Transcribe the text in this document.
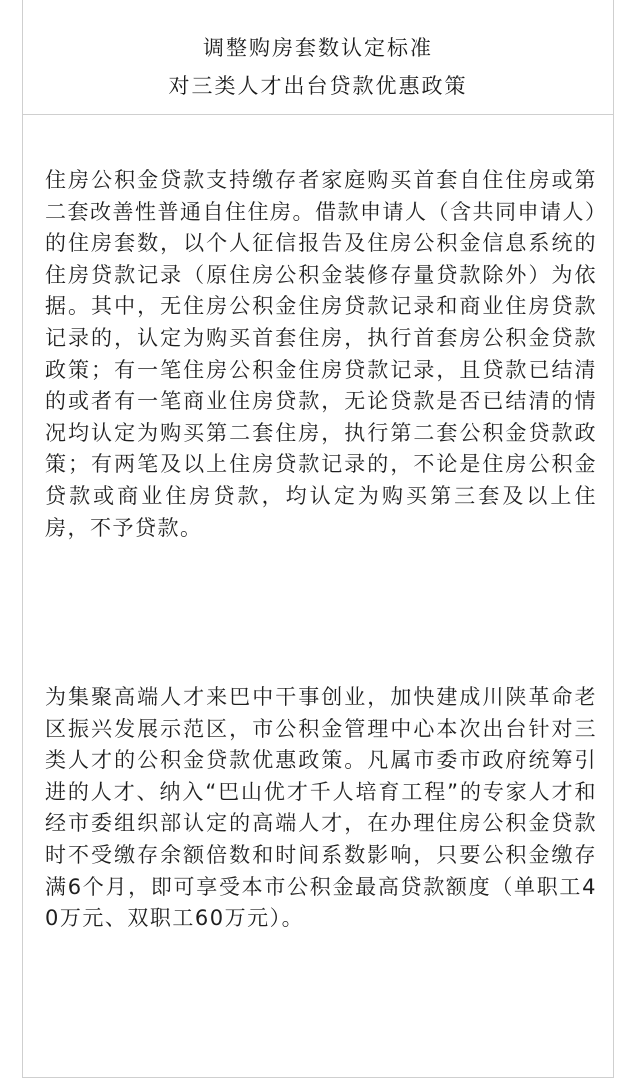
调整购房套数认定标准
对三类人才出台贷款优惠政策

住房公积金贷款支持缴存者家庭购买首套自住住房或第二套改善性普通自住住房。借款申请人（含共同申请人）的住房套数，以个人征信报告及住房公积金信息系统的住房贷款记录（原住房公积金装修存量贷款除外）为依据。其中，无住房公积金住房贷款记录和商业住房贷款记录的，认定为购买首套住房，执行首套房公积金贷款政策；有一笔住房公积金住房贷款记录，且贷款已结清的或者有一笔商业住房贷款，无论贷款是否已结清的情况均认定为购买第二套住房，执行第二套公积金贷款政策；有两笔及以上住房贷款记录的，不论是住房公积金贷款或商业住房贷款，均认定为购买第三套及以上住房，不予贷款。

为集聚高端人才来巴中干事创业，加快建成川陕革命老区振兴发展示范区，市公积金管理中心本次出台针对三类人才的公积金贷款优惠政策。凡属市委市政府统筹引进的人才、纳入“巴山优才千人培育工程”的专家人才和经市委组织部认定的高端人才，在办理住房公积金贷款时不受缴存余额倍数和时间系数影响，只要公积金缴存满6个月，即可享受本市公积金最高贷款额度（单职工40万元、双职工60万元）。
